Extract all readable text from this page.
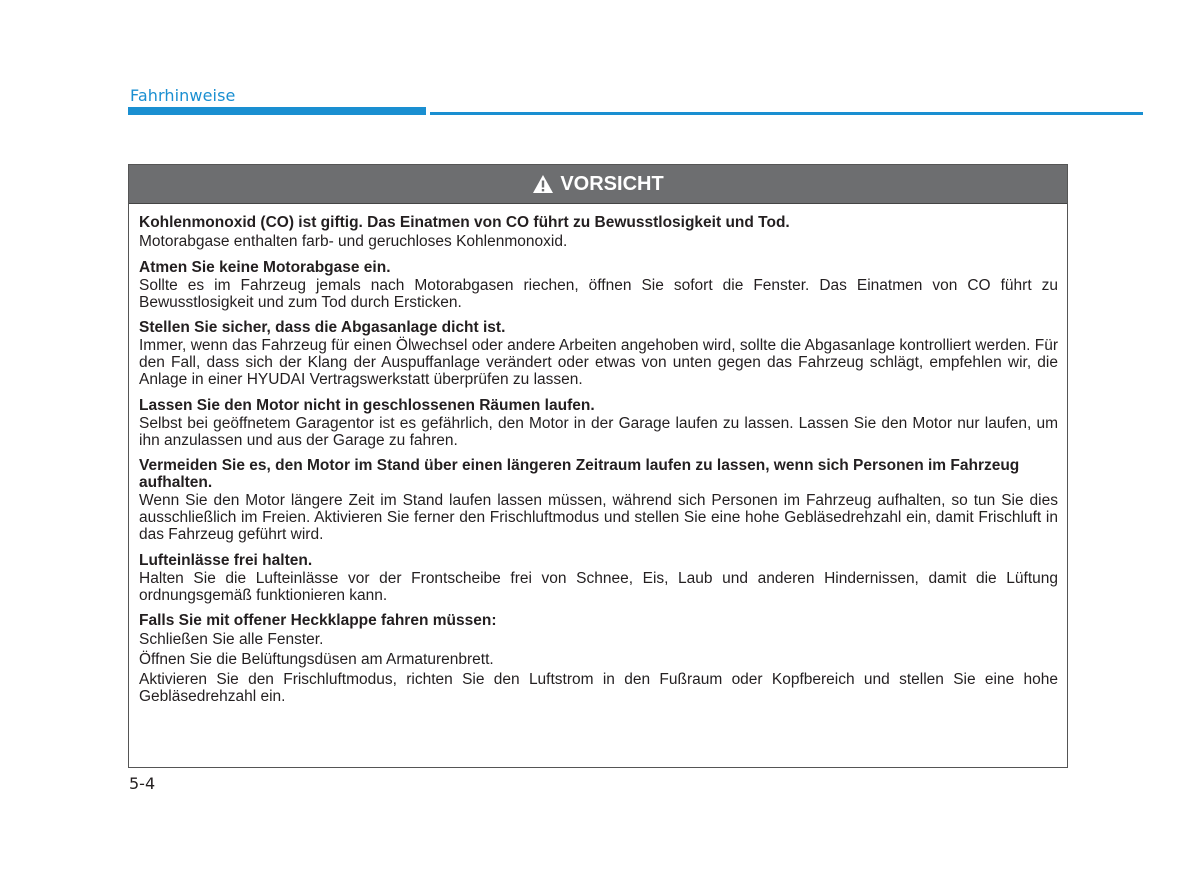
Fahrhinweise
VORSICHT
Kohlenmonoxid (CO) ist giftig. Das Einatmen von CO führt zu Bewusstlosigkeit und Tod.
Motorabgase enthalten farb- und geruchloses Kohlenmonoxid.
Atmen Sie keine Motorabgase ein.
Sollte es im Fahrzeug jemals nach Motorabgasen riechen, öffnen Sie sofort die Fenster. Das Einatmen von CO führt zu Bewusstlosigkeit und zum Tod durch Ersticken.
Stellen Sie sicher, dass die Abgasanlage dicht ist.
Immer, wenn das Fahrzeug für einen Ölwechsel oder andere Arbeiten angehoben wird, sollte die Abgasanlage kontrolliert werden. Für den Fall, dass sich der Klang der Auspuffanlage verändert oder etwas von unten gegen das Fahrzeug schlägt, empfehlen wir, die Anlage in einer HYUDAI Vertragswerkstatt überprüfen zu lassen.
Lassen Sie den Motor nicht in geschlossenen Räumen laufen.
Selbst bei geöffnetem Garagentor ist es gefährlich, den Motor in der Garage laufen zu lassen. Lassen Sie den Motor nur laufen, um ihn anzulassen und aus der Garage zu fahren.
Vermeiden Sie es, den Motor im Stand über einen längeren Zeitraum laufen zu lassen, wenn sich Personen im Fahrzeug aufhalten.
Wenn Sie den Motor längere Zeit im Stand laufen lassen müssen, während sich Personen im Fahrzeug aufhalten, so tun Sie dies ausschließlich im Freien. Aktivieren Sie ferner den Frischluftmodus und stellen Sie eine hohe Gebläsedrehzahl ein, damit Frischluft in das Fahrzeug geführt wird.
Lufteinlässe frei halten.
Halten Sie die Lufteinlässe vor der Frontscheibe frei von Schnee, Eis, Laub und anderen Hindernissen, damit die Lüftung ordnungsgemäß funktionieren kann.
Falls Sie mit offener Heckklappe fahren müssen:
Schließen Sie alle Fenster.
Öffnen Sie die Belüftungsdüsen am Armaturenbrett.
Aktivieren Sie den Frischluftmodus, richten Sie den Luftstrom in den Fußraum oder Kopfbereich und stellen Sie eine hohe Gebläsedrehzahl ein.
5-4
